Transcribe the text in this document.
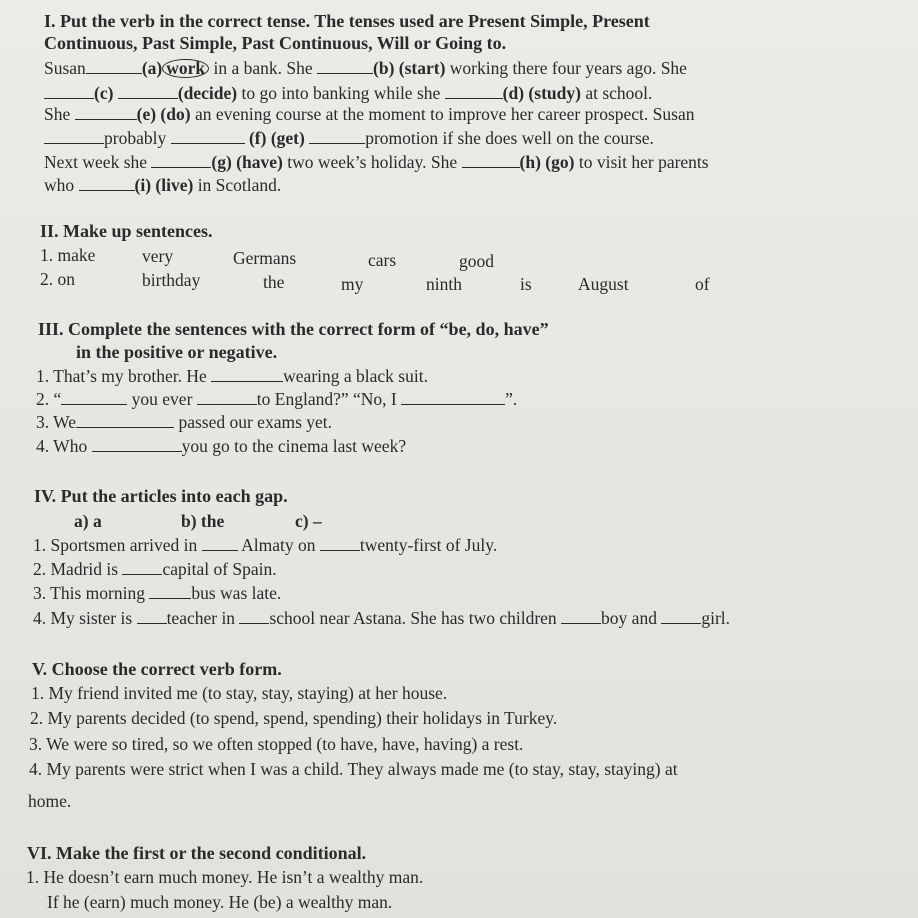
I. Put the verb in the correct tense. The tenses used are Present Simple, Present
Continuous, Past Simple, Past Continuous, Will or Going to.
Susan	(a) work in a bank. She	(b) (start) working there four years ago. She
(c)	(decide) to go into banking while she	(d) (study) at school.
She	(e) (do) an evening course at the moment to improve her career prospect. Susan
probably	(f) (get)	promotion if she does well on the course.
Next week she	(g) (have) two week’s holiday. She	(h) (go) to visit her parents
who	(i) (live) in Scotland.
II. Make up sentences.
1. make	very	Germans	cars	good
2. on	birthday	the	my	ninth	is	August	of
III. Complete the sentences with the correct form of “be, do, have”
in the positive or negative.
1. That’s my brother. He	wearing a black suit.
2. “	you ever	to England?” “No, I	”.
3. We	passed our exams yet.
4. Who	you go to the cinema last week?
IV. Put the articles into each gap.
a) a	b) the	c) –
1. Sportsmen arrived in	Almaty on	twenty-first of July.
2. Madrid is	capital of Spain.
3. This morning	bus was late.
4. My sister is teacher in school near Astana. She has two children	boy and	girl.
V. Choose the correct verb form.
1. My friend invited me (to stay, stay, staying) at her house.
2. My parents decided (to spend, spend, spending) their holidays in Turkey.
3. We were so tired, so we often stopped (to have, have, having) a rest.
4. My parents were strict when I was a child. They always made me (to stay, stay, staying) at
home.
VI. Make the first or the second conditional.
1. He doesn’t earn much money. He isn’t a wealthy man.
If he (earn) much money. He (be) a wealthy man.
